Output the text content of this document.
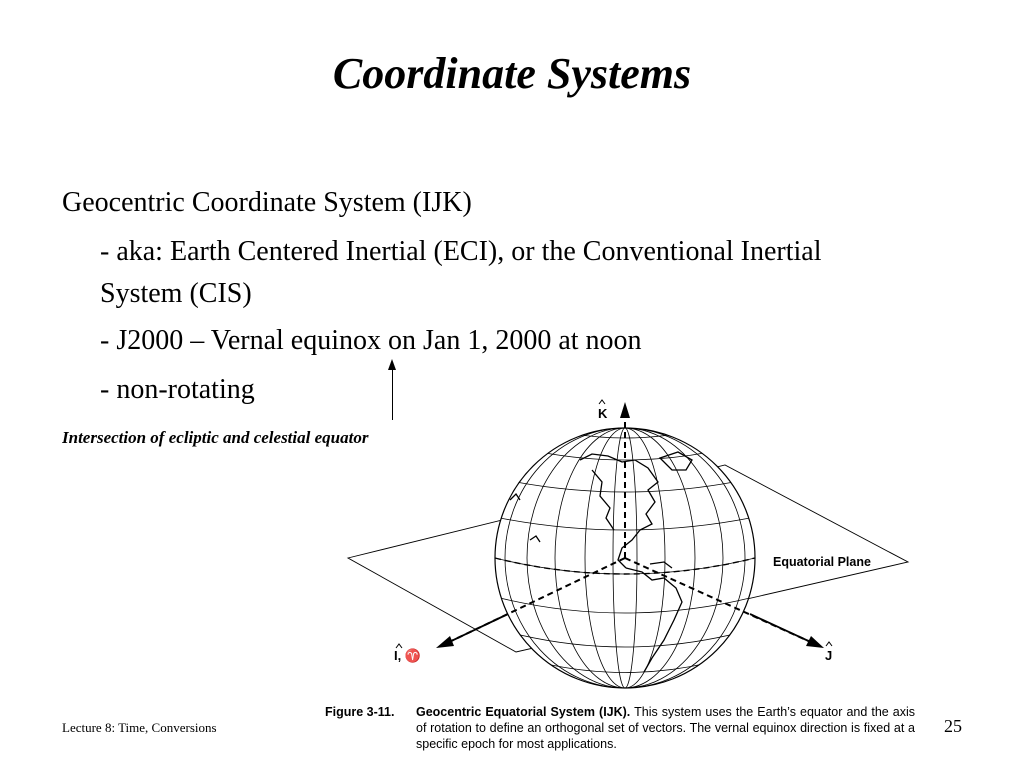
Coordinate Systems
Geocentric Coordinate System (IJK)
- aka: Earth Centered Inertial (ECI), or the Conventional Inertial System (CIS)
- J2000 – Vernal equinox on Jan 1, 2000 at noon
- non-rotating
Intersection of ecliptic and celestial equator
K
I, ♈	J
Equatorial Plane
Figure 3-11. Geocentric Equatorial System (IJK). This system uses the Earth’s equator and the axis of rotation to define an orthogonal set of vectors. The vernal equinox direction is fixed at a specific epoch for most applications.
Lecture 8: Time, Conversions	25
